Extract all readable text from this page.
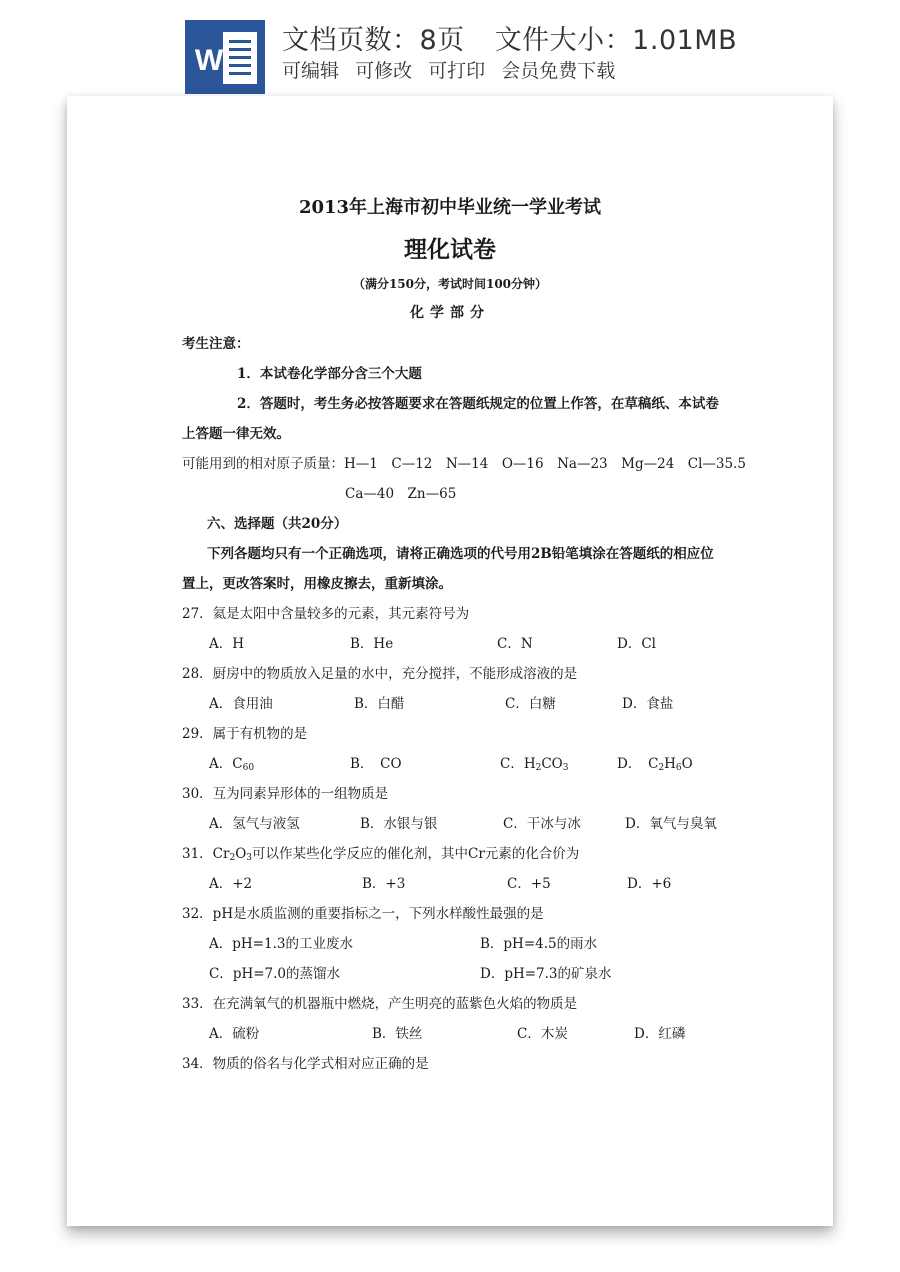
W
文档页数：8页 文件大小：1.01MB
可编辑 可修改 可打印 会员免费下载
2013年上海市初中毕业统一学业考试
理化试卷
（满分150分，考试时间100分钟）
化学部分
考生注意：
1．本试卷化学部分含三个大题
2．答题时，考生务必按答题要求在答题纸规定的位置上作答，在草稿纸、本试卷
上答题一律无效。
可能用到的相对原子质量：H—1　C—12　N—14　O—16　Na—23　Mg—24　Cl—35.5
Ca—40　Zn—65
六、选择题（共20分）
下列各题均只有一个正确选项，请将正确选项的代号用2B铅笔填涂在答题纸的相应位
置上，更改答案时，用橡皮擦去，重新填涂。
27．氦是太阳中含量较多的元素，其元素符号为
A．H	B．He	C．N	D．Cl
28．厨房中的物质放入足量的水中，充分搅拌，不能形成溶液的是
A．食用油	B．白醋	C．白糖	D．食盐
29．属于有机物的是
A．$C_{60}$	B．　CO	C．$H_2CO_3$	D．　$C_2H_6O$
30．互为同素异形体的一组物质是
A．氢气与液氢	B．水银与银	C．干冰与冰	D．氧气与臭氧
31．$Cr_2O_3$可以作某些化学反应的催化剂，其中Cr元素的化合价为
A．+2	B．+3	C．+5	D．+6
32．pH是水质监测的重要指标之一，下列水样酸性最强的是
A．pH=1.3的工业废水	B．pH=4.5的雨水
C．pH=7.0的蒸馏水	D．pH=7.3的矿泉水
33．在充满氧气的机器瓶中燃烧，产生明亮的蓝紫色火焰的物质是
A．硫粉	B．铁丝	C．木炭	D．红磷
34．物质的俗名与化学式相对应正确的是
